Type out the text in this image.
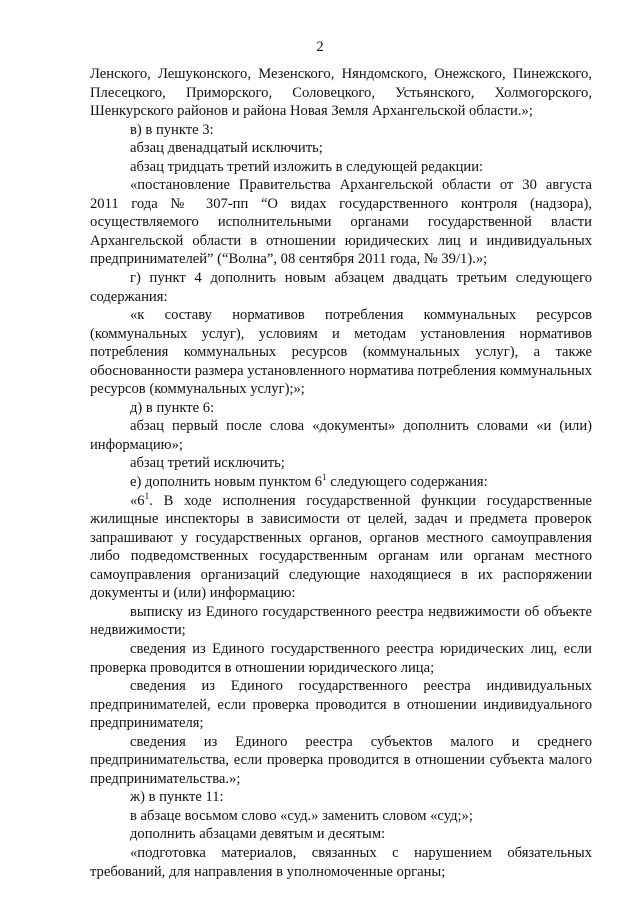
2

Ленского, Лешуконского, Мезенского, Няндомского, Онежского, Пинежского, Плесецкого, Приморского, Соловецкого, Устьянского, Холмогорского, Шенкурского районов и района Новая Земля Архангельской области.»;

в) в пункте 3:

абзац двенадцатый исключить;

абзац тридцать третий изложить в следующей редакции:

«постановление Правительства Архангельской области от 30 августа 2011 года № 307-пп “О видах государственного контроля (надзора), осуществляемого исполнительными органами государственной власти Архангельской области в отношении юридических лиц и индивидуальных предпринимателей” (“Волна”, 08 сентября 2011 года, № 39/1).»;

г) пункт 4 дополнить новым абзацем двадцать третьим следующего содержания:

«к составу нормативов потребления коммунальных ресурсов (коммунальных услуг), условиям и методам установления нормативов потребления коммунальных ресурсов (коммунальных услуг), а также обоснованности размера установленного норматива потребления коммунальных ресурсов (коммунальных услуг);»;

д) в пункте 6:

абзац первый после слова «документы» дополнить словами «и (или) информацию»;

абзац третий исключить;

е) дополнить новым пунктом $6^1$ следующего содержания:

«$6^1$. В ходе исполнения государственной функции государственные жилищные инспекторы в зависимости от целей, задач и предмета проверок запрашивают у государственных органов, органов местного самоуправления либо подведомственных государственным органам или органам местного самоуправления организаций следующие находящиеся в их распоряжении документы и (или) информацию:

выписку из Единого государственного реестра недвижимости об объекте недвижимости;

сведения из Единого государственного реестра юридических лиц, если проверка проводится в отношении юридического лица;

сведения из Единого государственного реестра индивидуальных предпринимателей, если проверка проводится в отношении индивидуального предпринимателя;

сведения из Единого реестра субъектов малого и среднего предпринимательства, если проверка проводится в отношении субъекта малого предпринимательства.»;

ж) в пункте 11:

в абзаце восьмом слово «суд.» заменить словом «суд;»;

дополнить абзацами девятым и десятым:

«подготовка материалов, связанных с нарушением обязательных требований, для направления в уполномоченные органы;
